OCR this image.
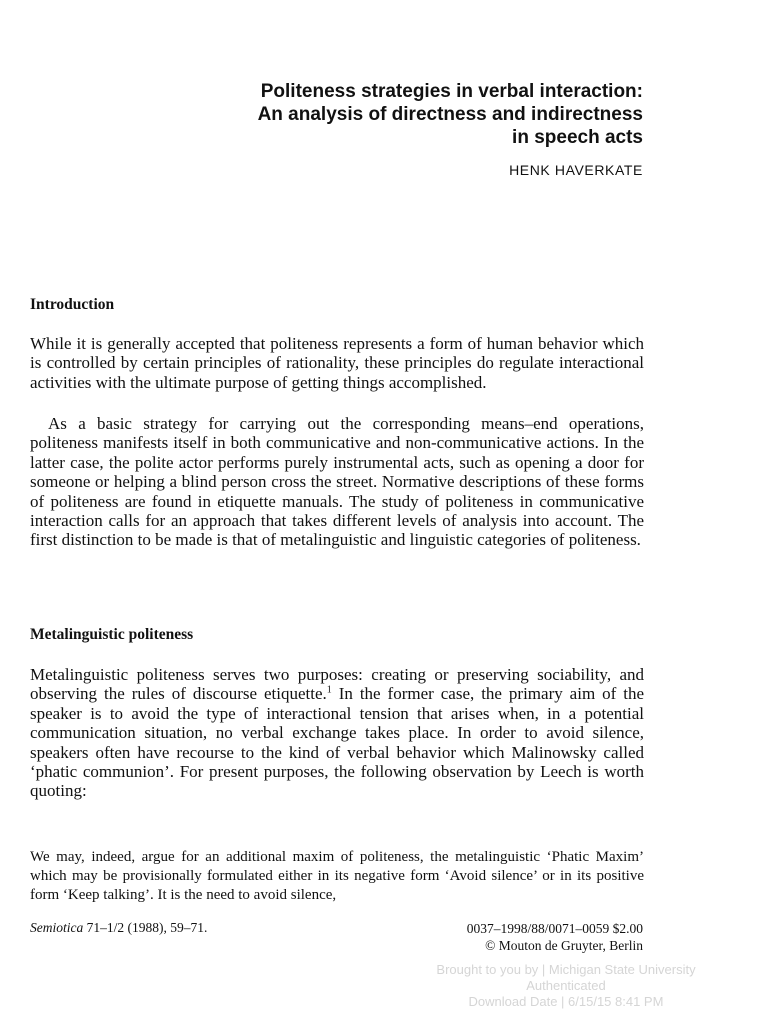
Politeness strategies in verbal interaction:
An analysis of directness and indirectness
in speech acts
HENK HAVERKATE
Introduction

While it is generally accepted that politeness represents a form of human behavior which is controlled by certain principles of rationality, these principles do regulate interactional activities with the ultimate purpose of getting things accomplished.

As a basic strategy for carrying out the corresponding means–end operations, politeness manifests itself in both communicative and non-communicative actions. In the latter case, the polite actor performs purely instrumental acts, such as opening a door for someone or helping a blind person cross the street. Normative descriptions of these forms of politeness are found in etiquette manuals. The study of politeness in communicative interaction calls for an approach that takes different levels of analysis into account. The first distinction to be made is that of metalinguistic and linguistic categories of politeness.

Metalinguistic politeness

Metalinguistic politeness serves two purposes: creating or preserving sociability, and observing the rules of discourse etiquette.$^1$ In the former case, the primary aim of the speaker is to avoid the type of interactional tension that arises when, in a potential communication situation, no verbal exchange takes place. In order to avoid silence, speakers often have recourse to the kind of verbal behavior which Malinowsky called ‘phatic communion’. For present purposes, the following observation by Leech is worth quoting:

We may, indeed, argue for an additional maxim of politeness, the metalinguistic ‘Phatic Maxim’ which may be provisionally formulated either in its negative form ‘Avoid silence’ or in its positive form ‘Keep talking’. It is the need to avoid silence,

Semiotica 71–1/2 (1988), 59–71.	0037–1998/88/0071–0059 $2.00
© Mouton de Gruyter, Berlin
Brought to you by | Michigan State University
Authenticated
Download Date | 6/15/15 8:41 PM
